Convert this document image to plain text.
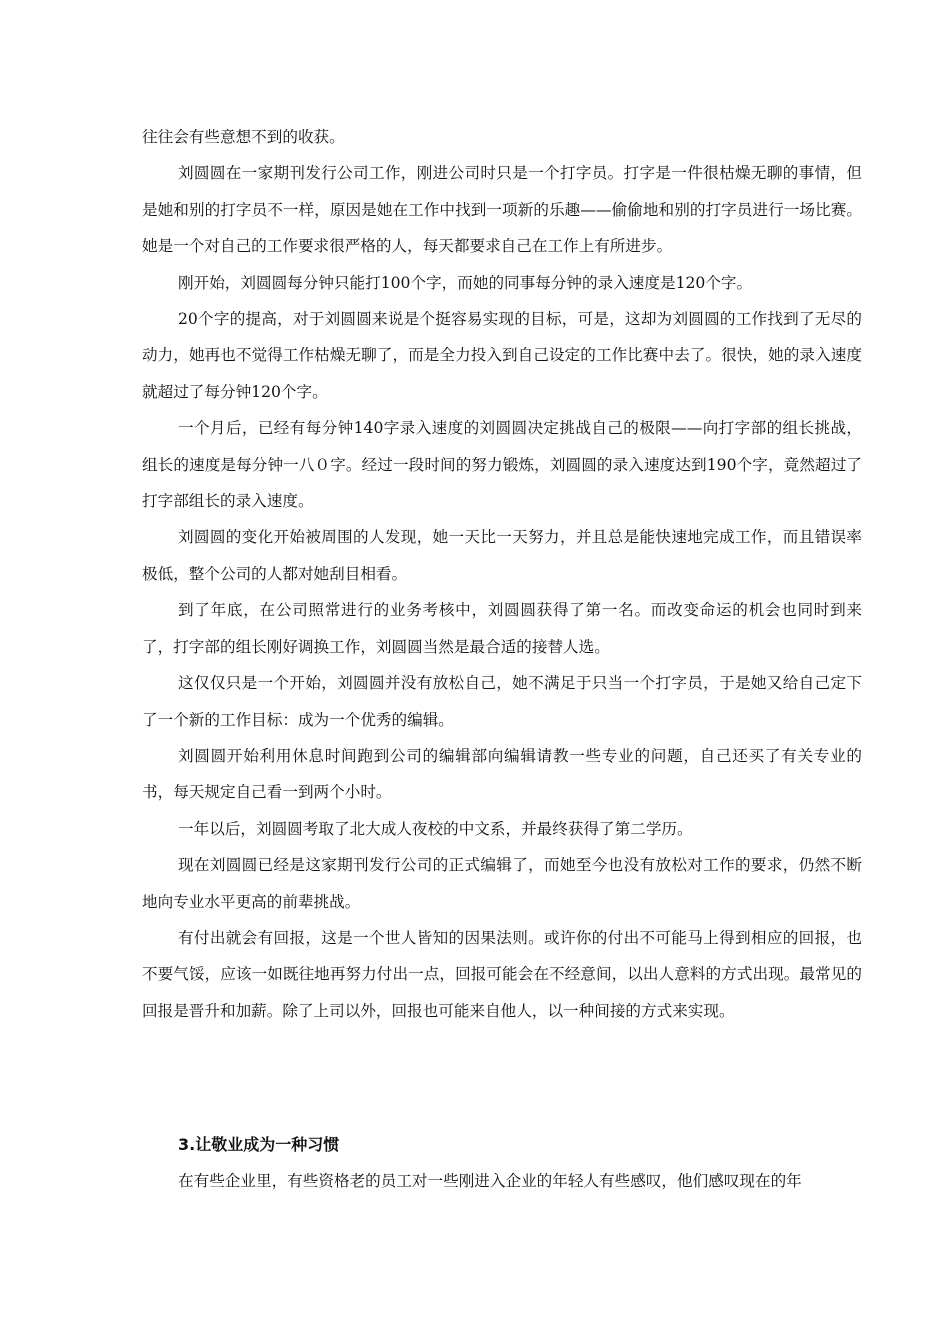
往往会有些意想不到的收获。

刘圆圆在一家期刊发行公司工作，刚进公司时只是一个打字员。打字是一件很枯燥无聊的事情，但是她和别的打字员不一样，原因是她在工作中找到一项新的乐趣——偷偷地和别的打字员进行一场比赛。她是一个对自己的工作要求很严格的人，每天都要求自己在工作上有所进步。

刚开始，刘圆圆每分钟只能打100个字，而她的同事每分钟的录入速度是120个字。

20个字的提高，对于刘圆圆来说是个挺容易实现的目标，可是，这却为刘圆圆的工作找到了无尽的动力，她再也不觉得工作枯燥无聊了，而是全力投入到自己设定的工作比赛中去了。很快，她的录入速度就超过了每分钟120个字。

一个月后，已经有每分钟140字录入速度的刘圆圆决定挑战自己的极限——向打字部的组长挑战，组长的速度是每分钟一八０字。经过一段时间的努力锻炼，刘圆圆的录入速度达到190个字，竟然超过了打字部组长的录入速度。

刘圆圆的变化开始被周围的人发现，她一天比一天努力，并且总是能快速地完成工作，而且错误率极低，整个公司的人都对她刮目相看。

到了年底，在公司照常进行的业务考核中，刘圆圆获得了第一名。而改变命运的机会也同时到来了，打字部的组长刚好调换工作，刘圆圆当然是最合适的接替人选。

这仅仅只是一个开始，刘圆圆并没有放松自己，她不满足于只当一个打字员，于是她又给自己定下了一个新的工作目标：成为一个优秀的编辑。

刘圆圆开始利用休息时间跑到公司的编辑部向编辑请教一些专业的问题，自己还买了有关专业的书，每天规定自己看一到两个小时。

一年以后，刘圆圆考取了北大成人夜校的中文系，并最终获得了第二学历。

现在刘圆圆已经是这家期刊发行公司的正式编辑了，而她至今也没有放松对工作的要求，仍然不断地向专业水平更高的前辈挑战。

有付出就会有回报，这是一个世人皆知的因果法则。或许你的付出不可能马上得到相应的回报，也不要气馁，应该一如既往地再努力付出一点，回报可能会在不经意间，以出人意料的方式出现。最常见的回报是晋升和加薪。除了上司以外，回报也可能来自他人，以一种间接的方式来实现。

3.让敬业成为一种习惯

在有些企业里，有些资格老的员工对一些刚进入企业的年轻人有些感叹，他们感叹现在的年
